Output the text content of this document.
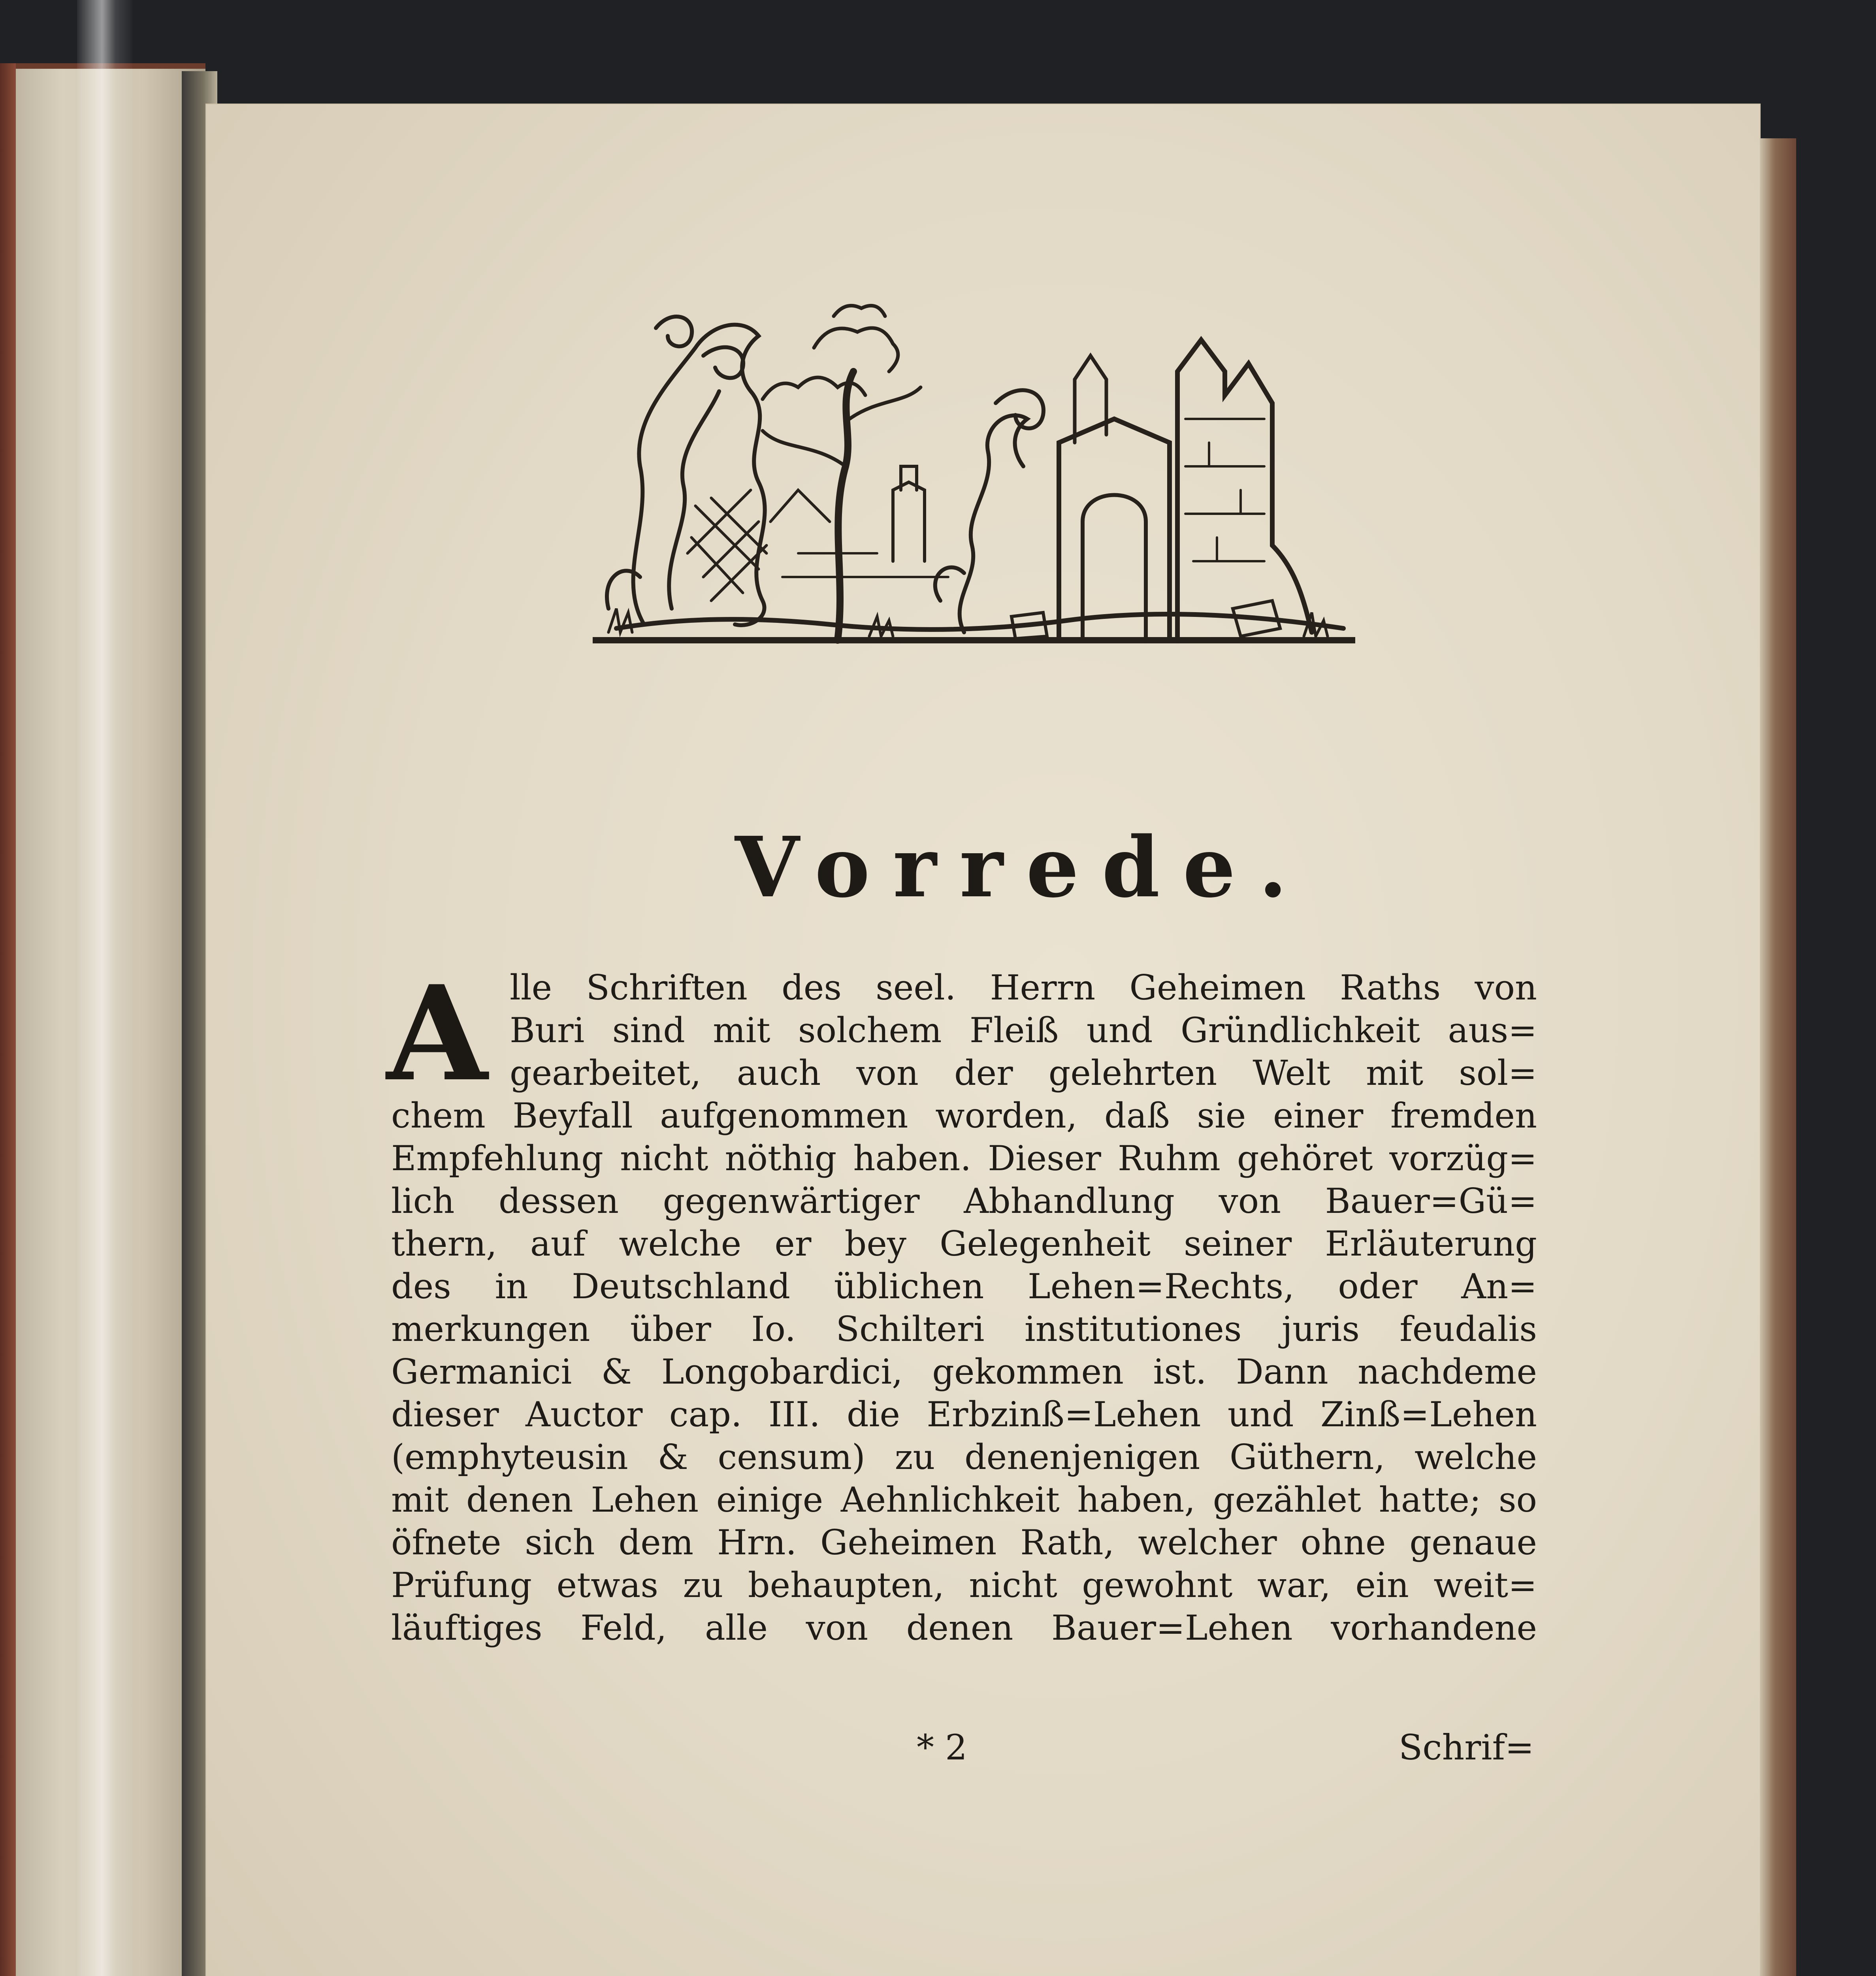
Vorrede.
A lle Schriften des seel. Herrn Geheimen Raths von
Buri sind mit solchem Fleiß und Gründlichkeit aus=
gearbeitet, auch von der gelehrten Welt mit sol=
chem Beyfall aufgenommen worden, daß sie einer fremden
Empfehlung nicht nöthig haben. Dieser Ruhm gehöret vorzüg=
lich dessen gegenwärtiger Abhandlung von Bauer=Gü=
thern, auf welche er bey Gelegenheit seiner Erläuterung
des in Deutschland üblichen Lehen=Rechts, oder An=
merkungen über Io. Schilteri institutiones juris feudalis
Germanici & Longobardici, gekommen ist. Dann nachdeme
dieser Auctor cap. III. die Erbzinß=Lehen und Zinß=Lehen
(emphyteusin & censum) zu denenjenigen Güthern, welche
mit denen Lehen einige Aehnlichkeit haben, gezählet hatte; so
öfnete sich dem Hrn. Geheimen Rath, welcher ohne genaue
Prüfung etwas zu behaupten, nicht gewohnt war, ein weit=
läuftiges Feld, alle von denen Bauer=Lehen vorhandene
* 2	Schrif=
